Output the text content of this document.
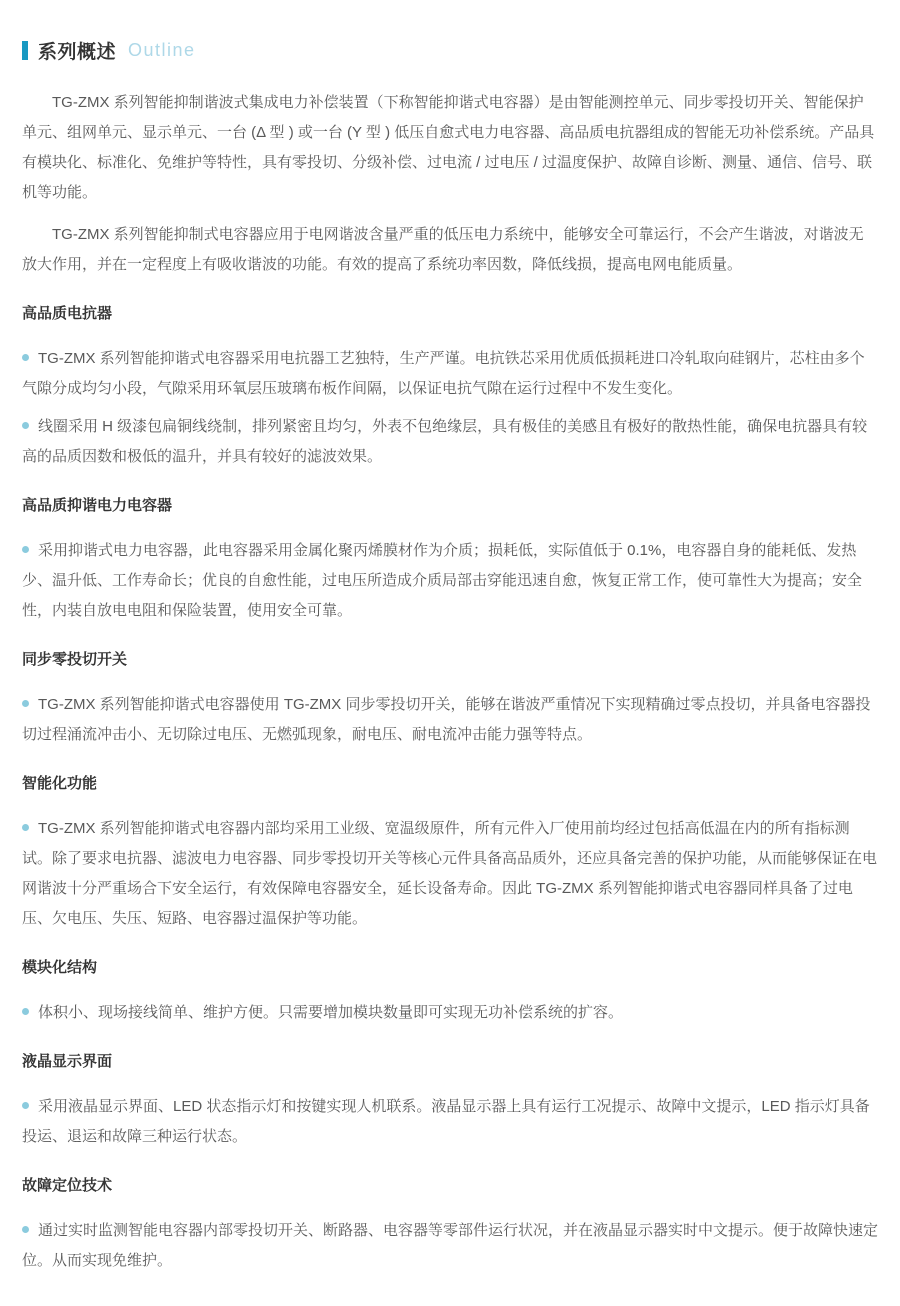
系列概述 Outline

TG-ZMX 系列智能抑制谐波式集成电力补偿装置（下称智能抑谐式电容器）是由智能测控单元、同步零投切开关、智能保护单元、组网单元、显示单元、一台 (Δ 型 ) 或一台 (Y 型 ) 低压自愈式电力电容器、高品质电抗器组成的智能无功补偿系统。产品具有模块化、标准化、免维护等特性，具有零投切、分级补偿、过电流 / 过电压 / 过温度保护、故障自诊断、测量、通信、信号、联机等功能。

TG-ZMX 系列智能抑制式电容器应用于电网谐波含量严重的低压电力系统中，能够安全可靠运行，不会产生谐波，对谐波无放大作用，并在一定程度上有吸收谐波的功能。有效的提高了系统功率因数，降低线损，提高电网电能质量。

高品质电抗器

TG-ZMX 系列智能抑谐式电容器采用电抗器工艺独特，生产严谨。电抗铁芯采用优质低损耗进口冷轧取向硅钢片，芯柱由多个气隙分成均匀小段，气隙采用环氧层压玻璃布板作间隔，以保证电抗气隙在运行过程中不发生变化。

线圈采用 H 级漆包扁铜线绕制，排列紧密且均匀，外表不包绝缘层，具有极佳的美感且有极好的散热性能，确保电抗器具有较高的品质因数和极低的温升，并具有较好的滤波效果。

高品质抑谐电力电容器

采用抑谐式电力电容器，此电容器采用金属化聚丙烯膜材作为介质；损耗低，实际值低于 0.1%，电容器自身的能耗低、发热少、温升低、工作寿命长；优良的自愈性能，过电压所造成介质局部击穿能迅速自愈，恢复正常工作，使可靠性大为提高；安全性，内装自放电电阻和保险装置，使用安全可靠。

同步零投切开关

TG-ZMX 系列智能抑谐式电容器使用 TG-ZMX 同步零投切开关，能够在谐波严重情况下实现精确过零点投切，并具备电容器投切过程涌流冲击小、无切除过电压、无燃弧现象，耐电压、耐电流冲击能力强等特点。

智能化功能

TG-ZMX 系列智能抑谐式电容器内部均采用工业级、宽温级原件，所有元件入厂使用前均经过包括高低温在内的所有指标测试。除了要求电抗器、滤波电力电容器、同步零投切开关等核心元件具备高品质外，还应具备完善的保护功能，从而能够保证在电网谐波十分严重场合下安全运行，有效保障电容器安全，延长设备寿命。因此 TG-ZMX 系列智能抑谐式电容器同样具备了过电压、欠电压、失压、短路、电容器过温保护等功能。

模块化结构

体积小、现场接线简单、维护方便。只需要增加模块数量即可实现无功补偿系统的扩容。

液晶显示界面

采用液晶显示界面、LED 状态指示灯和按键实现人机联系。液晶显示器上具有运行工况提示、故障中文提示，LED 指示灯具备投运、退运和故障三种运行状态。

故障定位技术

通过实时监测智能电容器内部零投切开关、断路器、电容器等零部件运行状况，并在液晶显示器实时中文提示。便于故障快速定位。从而实现免维护。
